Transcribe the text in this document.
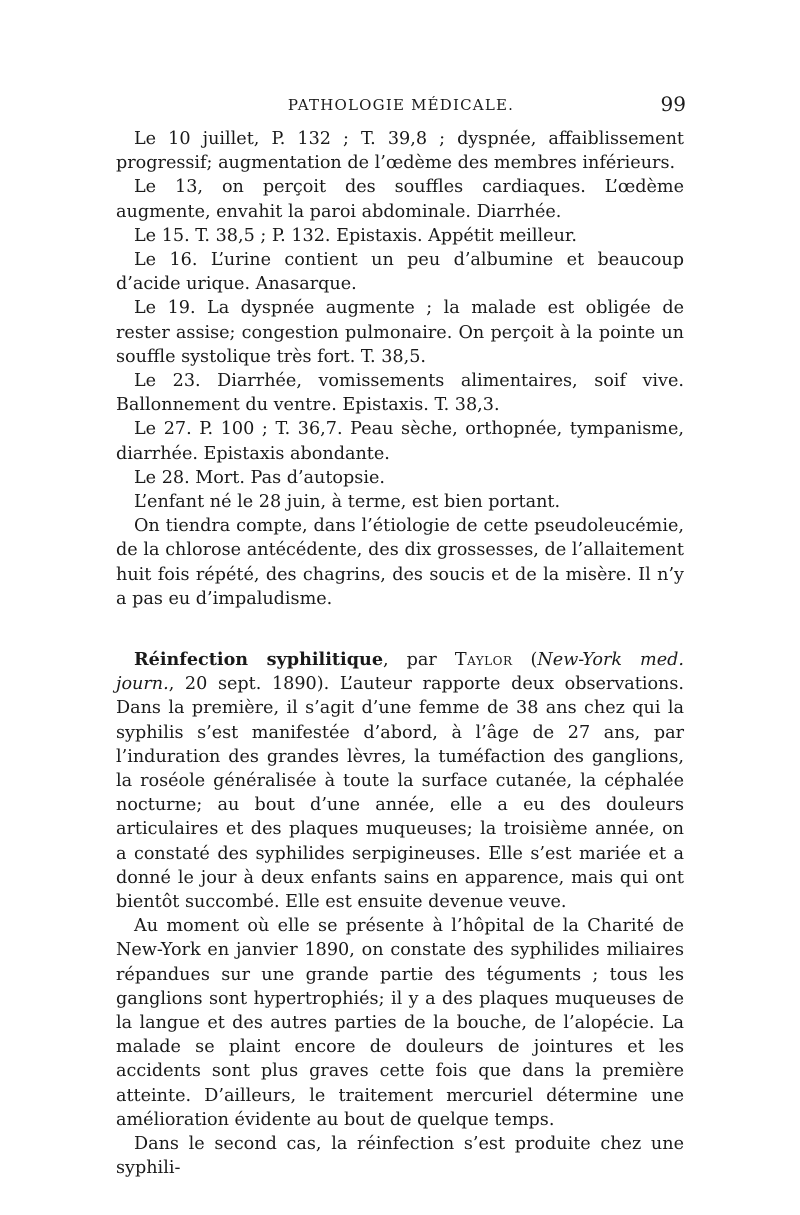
PATHOLOGIE MÉDICALE.	99

Le 10 juillet, P. 132 ; T. 39,8 ; dyspnée, affaiblissement progressif; augmentation de l’œdème des membres inférieurs.

Le 13, on perçoit des souffles cardiaques. L’œdème augmente, envahit la paroi abdominale. Diarrhée.

Le 15. T. 38,5 ; P. 132. Epistaxis. Appétit meilleur.

Le 16. L’urine contient un peu d’albumine et beaucoup d’acide urique. Anasarque.

Le 19. La dyspnée augmente ; la malade est obligée de rester assise; congestion pulmonaire. On perçoit à la pointe un souffle systolique très fort. T. 38,5.

Le 23. Diarrhée, vomissements alimentaires, soif vive. Ballonnement du ventre. Epistaxis. T. 38,3.

Le 27. P. 100 ; T. 36,7. Peau sèche, orthopnée, tympanisme, diarrhée. Epistaxis abondante.

Le 28. Mort. Pas d’autopsie.

L’enfant né le 28 juin, à terme, est bien portant.

On tiendra compte, dans l’étiologie de cette pseudoleucémie, de la chlorose antécédente, des dix grossesses, de l’allaitement huit fois répété, des chagrins, des soucis et de la misère. Il n’y a pas eu d’impaludisme.

Réinfection syphilitique, par Taylor (New-York med. journ., 20 sept. 1890). L’auteur rapporte deux observations. Dans la première, il s’agit d’une femme de 38 ans chez qui la syphilis s’est manifestée d’abord, à l’âge de 27 ans, par l’induration des grandes lèvres, la tuméfaction des ganglions, la roséole généralisée à toute la surface cutanée, la céphalée nocturne; au bout d’une année, elle a eu des douleurs articulaires et des plaques muqueuses; la troisième année, on a constaté des syphilides serpigineuses. Elle s’est mariée et a donné le jour à deux enfants sains en apparence, mais qui ont bientôt succombé. Elle est ensuite devenue veuve.

Au moment où elle se présente à l’hôpital de la Charité de New-York en janvier 1890, on constate des syphilides miliaires répandues sur une grande partie des téguments ; tous les ganglions sont hypertrophiés; il y a des plaques muqueuses de la langue et des autres parties de la bouche, de l’alopécie. La malade se plaint encore de douleurs de jointures et les accidents sont plus graves cette fois que dans la première atteinte. D’ailleurs, le traitement mercuriel détermine une amélioration évidente au bout de quelque temps.

Dans le second cas, la réinfection s’est produite chez une syphili-
